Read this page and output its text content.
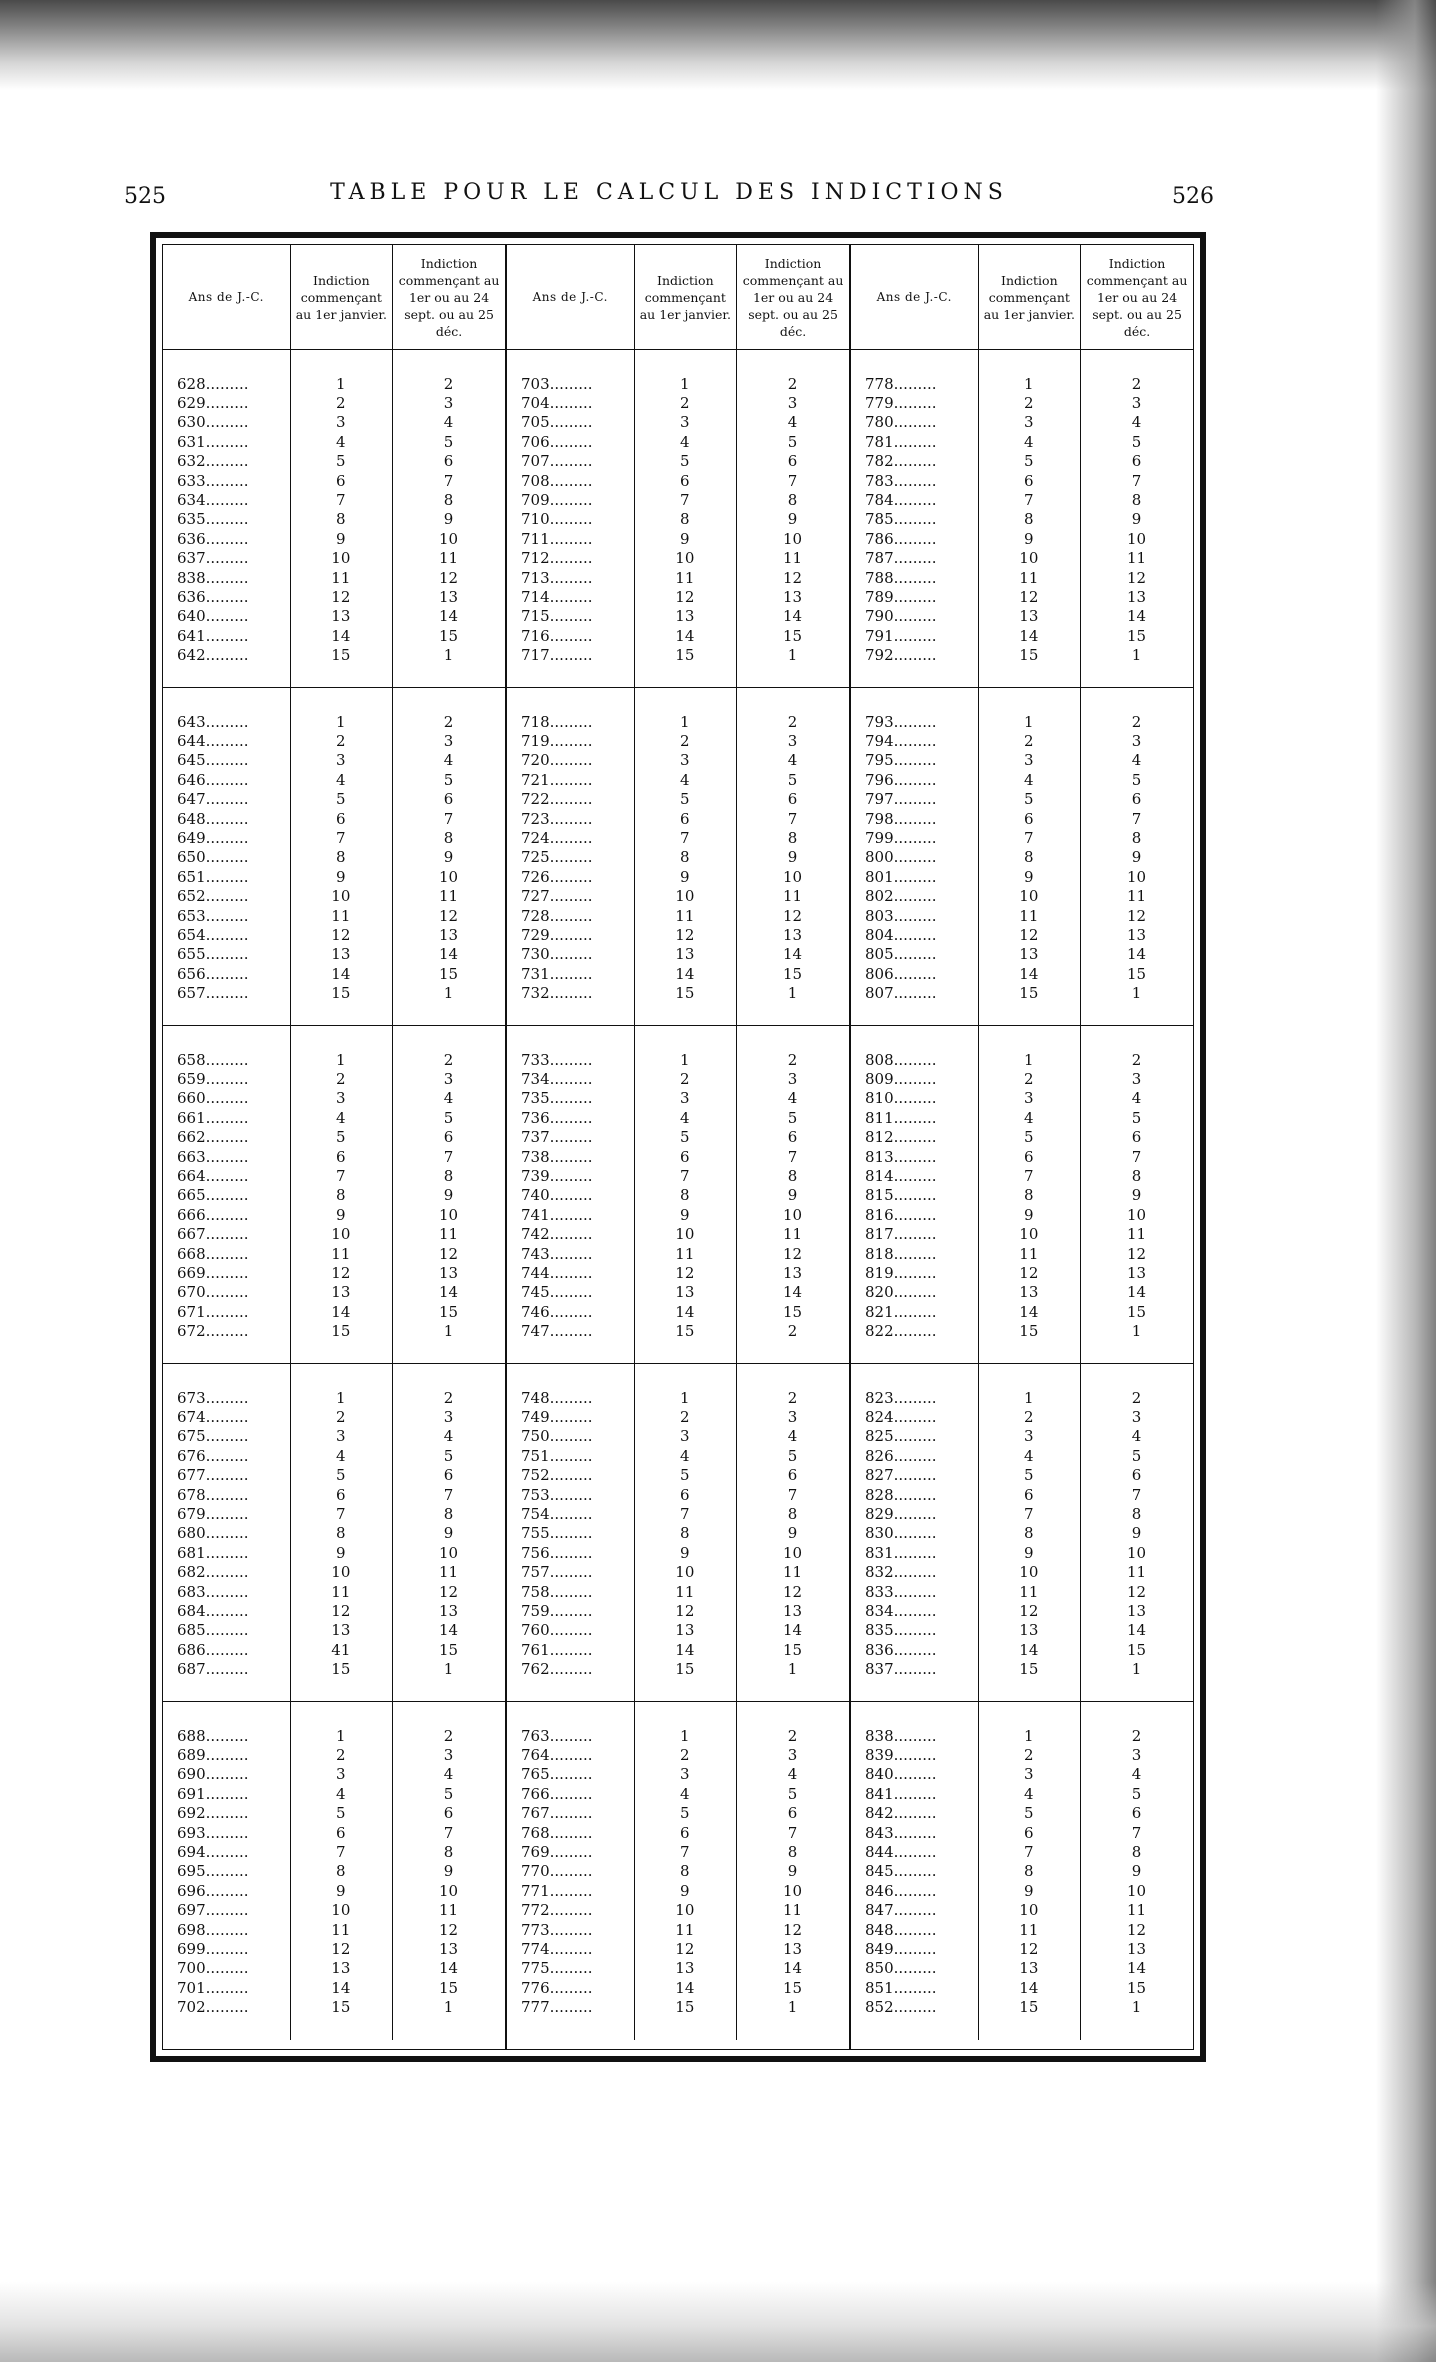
525	TABLE POUR LE CALCUL DES INDICTIONS	526
Ans de J.-C.
Indiction commençant au 1er janvier.
Indiction commençant au 1er ou au 24 sept. ou au 25 déc.
628.........	1	2
629.........	2	3
630.........	3	4
631.........	4	5
632.........	5	6
633.........	6	7
634.........	7	8
635.........	8	9
636.........	9	10
637.........	10	11
838.........	11	12
636.........	12	13
640.........	13	14
641.........	14	15
642.........	15	1
643.........	1	2
644.........	2	3
645.........	3	4
646.........	4	5
647.........	5	6
648.........	6	7
649.........	7	8
650.........	8	9
651.........	9	10
652.........	10	11
653.........	11	12
654.........	12	13
655.........	13	14
656.........	14	15
657.........	15	1
658.........	1	2
659.........	2	3
660.........	3	4
661.........	4	5
662.........	5	6
663.........	6	7
664.........	7	8
665.........	8	9
666.........	9	10
667.........	10	11
668.........	11	12
669.........	12	13
670.........	13	14
671.........	14	15
672.........	15	1
673.........	1	2
674.........	2	3
675.........	3	4
676.........	4	5
677.........	5	6
678.........	6	7
679.........	7	8
680.........	8	9
681.........	9	10
682.........	10	11
683.........	11	12
684.........	12	13
685.........	13	14
686.........	41	15
687.........	15	1
688.........	1	2
689.........	2	3
690.........	3	4
691.........	4	5
692.........	5	6
693.........	6	7
694.........	7	8
695.........	8	9
696.........	9	10
697.........	10	11
698.........	11	12
699.........	12	13
700.........	13	14
701.........	14	15
702.........	15	1
Ans de J.-C.
Indiction commençant au 1er janvier.
Indiction commençant au 1er ou au 24 sept. ou au 25 déc.
703.........	1	2
704.........	2	3
705.........	3	4
706.........	4	5
707.........	5	6
708.........	6	7
709.........	7	8
710.........	8	9
711.........	9	10
712.........	10	11
713.........	11	12
714.........	12	13
715.........	13	14
716.........	14	15
717.........	15	1
718.........	1	2
719.........	2	3
720.........	3	4
721.........	4	5
722.........	5	6
723.........	6	7
724.........	7	8
725.........	8	9
726.........	9	10
727.........	10	11
728.........	11	12
729.........	12	13
730.........	13	14
731.........	14	15
732.........	15	1
733.........	1	2
734.........	2	3
735.........	3	4
736.........	4	5
737.........	5	6
738.........	6	7
739.........	7	8
740.........	8	9
741.........	9	10
742.........	10	11
743.........	11	12
744.........	12	13
745.........	13	14
746.........	14	15
747.........	15	2
748.........	1	2
749.........	2	3
750.........	3	4
751.........	4	5
752.........	5	6
753.........	6	7
754.........	7	8
755.........	8	9
756.........	9	10
757.........	10	11
758.........	11	12
759.........	12	13
760.........	13	14
761.........	14	15
762.........	15	1
763.........	1	2
764.........	2	3
765.........	3	4
766.........	4	5
767.........	5	6
768.........	6	7
769.........	7	8
770.........	8	9
771.........	9	10
772.........	10	11
773.........	11	12
774.........	12	13
775.........	13	14
776.........	14	15
777.........	15	1
Ans de J.-C.
Indiction commençant au 1er janvier.
Indiction commençant au 1er ou au 24 sept. ou au 25 déc.
778.........	1	2
779.........	2	3
780.........	3	4
781.........	4	5
782.........	5	6
783.........	6	7
784.........	7	8
785.........	8	9
786.........	9	10
787.........	10	11
788.........	11	12
789.........	12	13
790.........	13	14
791.........	14	15
792.........	15	1
793.........	1	2
794.........	2	3
795.........	3	4
796.........	4	5
797.........	5	6
798.........	6	7
799.........	7	8
800.........	8	9
801.........	9	10
802.........	10	11
803.........	11	12
804.........	12	13
805.........	13	14
806.........	14	15
807.........	15	1
808.........	1	2
809.........	2	3
810.........	3	4
811.........	4	5
812.........	5	6
813.........	6	7
814.........	7	8
815.........	8	9
816.........	9	10
817.........	10	11
818.........	11	12
819.........	12	13
820.........	13	14
821.........	14	15
822.........	15	1
823.........	1	2
824.........	2	3
825.........	3	4
826.........	4	5
827.........	5	6
828.........	6	7
829.........	7	8
830.........	8	9
831.........	9	10
832.........	10	11
833.........	11	12
834.........	12	13
835.........	13	14
836.........	14	15
837.........	15	1
838.........	1	2
839.........	2	3
840.........	3	4
841.........	4	5
842.........	5	6
843.........	6	7
844.........	7	8
845.........	8	9
846.........	9	10
847.........	10	11
848.........	11	12
849.........	12	13
850.........	13	14
851.........	14	15
852.........	15	1
